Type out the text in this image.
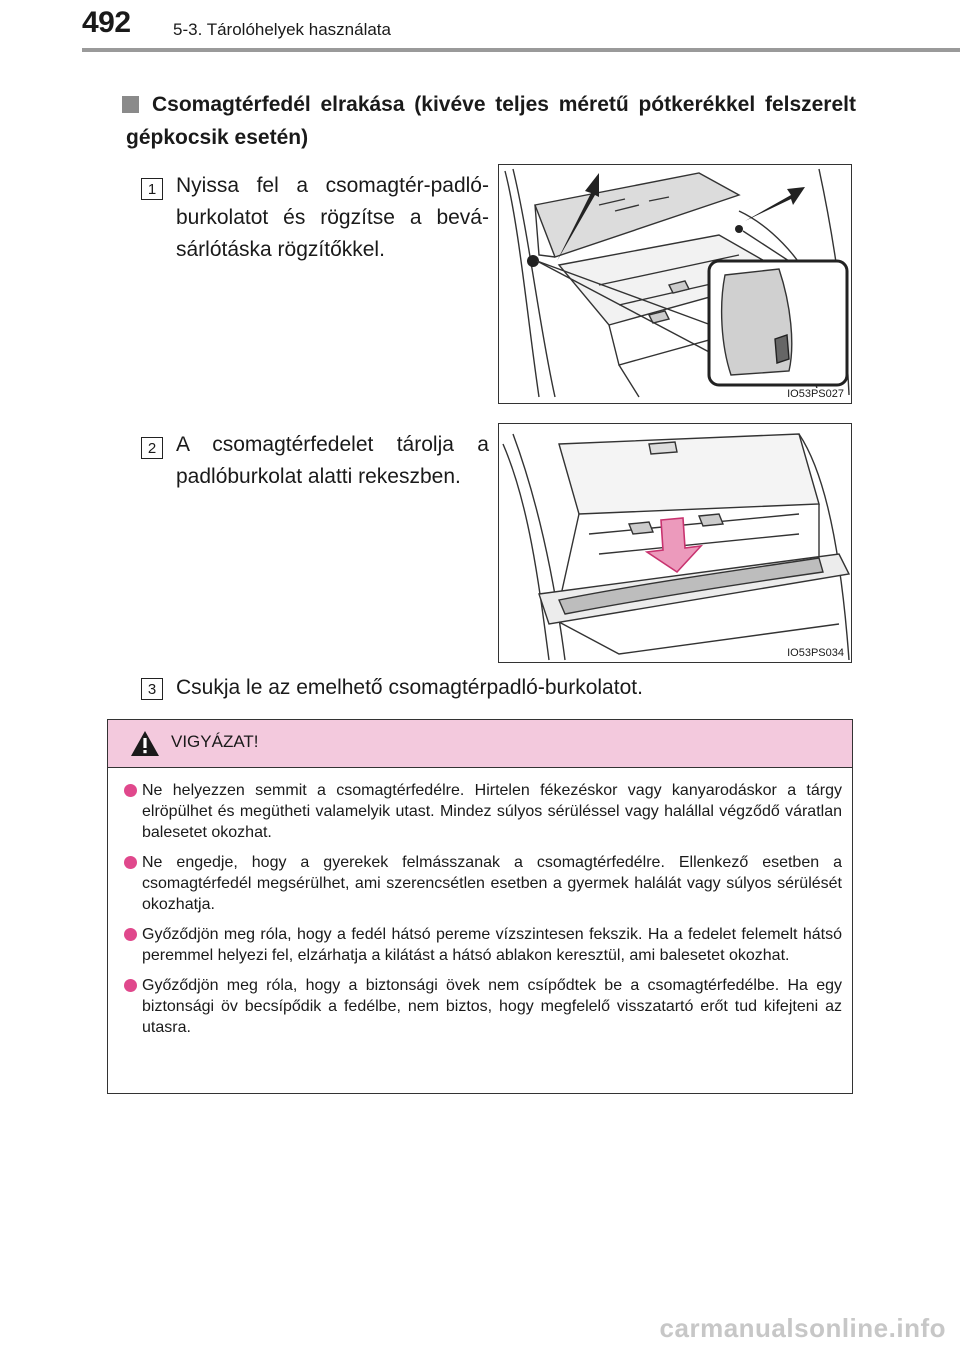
492 5-3. Tárolóhelyek használata
Csomagtérfedél elrakása (kivéve teljes méretű pótkerékkel felszerelt gépkocsik esetén)
1 Nyissa fel a csomagtér-padlóburkolatot és rögzítse a bevásárlótáska rögzítőkkel.
IO53PS027
2 A csomagtérfedelet tárolja a padlóburkolat alatti rekeszben.
IO53PS034
3 Csukja le az emelhető csomagtérpadló-burkolatot.
VIGYÁZAT!
Ne helyezzen semmit a csomagtérfedélre. Hirtelen fékezéskor vagy kanyarodáskor a tárgy elröpülhet és megütheti valamelyik utast. Mindez súlyos sérüléssel vagy halállal végződő váratlan balesetet okozhat.
Ne engedje, hogy a gyerekek felmásszanak a csomagtérfedélre. Ellenkező esetben a csomagtérfedél megsérülhet, ami szerencsétlen esetben a gyermek halálát vagy súlyos sérülését okozhatja.
Győződjön meg róla, hogy a fedél hátsó pereme vízszintesen fekszik. Ha a fedelet felemelt hátsó peremmel helyezi fel, elzárhatja a kilátást a hátsó ablakon keresztül, ami balesetet okozhat.
Győződjön meg róla, hogy a biztonsági övek nem csípődtek be a csomagtérfedélbe. Ha egy biztonsági öv becsípődik a fedélbe, nem biztos, hogy megfelelő visszatartó erőt tud kifejteni az utasra.
carmanualsonline.info
